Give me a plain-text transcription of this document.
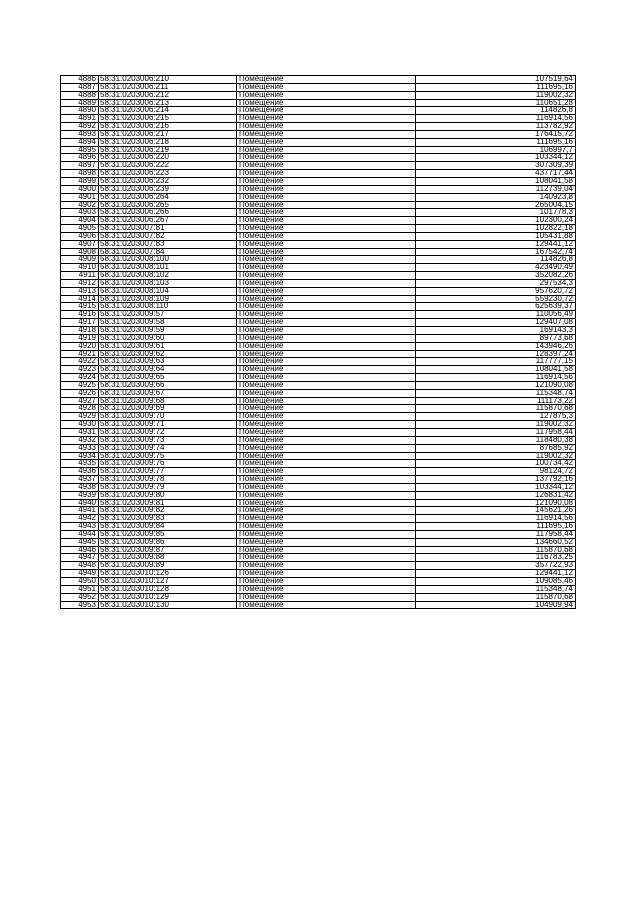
4886	58:31:0203006:210	Помещение	107519,64
4887	58:31:0203006:211	Помещение	111695,16
4888	58:31:0203006:212	Помещение	119002,32
4889	58:31:0203006:213	Помещение	110651,28
4890	58:31:0203006:214	Помещение	114826,8
4891	58:31:0203006:215	Помещение	116914,56
4892	58:31:0203006:216	Помещение	113782,92
4893	58:31:0203006:217	Помещение	176415,72
4894	58:31:0203006:218	Помещение	111695,16
4895	58:31:0203006:219	Помещение	106997,7
4896	58:31:0203006:220	Помещение	103344,12
4897	58:31:0203006:222	Помещение	307309,39
4898	58:31:0203006:223	Помещение	437717,44
4899	58:31:0203006:232	Помещение	108041,58
4900	58:31:0203006:239	Помещение	112739,04
4901	58:31:0203006:264	Помещение	140923,8
4902	58:31:0203006:265	Помещение	265004,15
4903	58:31:0203006:266	Помещение	101778,3
4904	58:31:0203006:267	Помещение	102300,24
4905	58:31:0203007:81	Помещение	102822,18
4906	58:31:0203007:82	Помещение	105431,88
4907	58:31:0203007:83	Помещение	129441,12
4908	58:31:0203007:84	Помещение	167542,74
4909	58:31:0203008:100	Помещение	114826,8
4910	58:31:0203008:101	Помещение	423490,49
4911	58:31:0203008:102	Помещение	352082,26
4912	58:31:0203008:103	Помещение	297534,3
4913	58:31:0203008:104	Помещение	957620,72
4914	58:31:0203008:109	Помещение	559230,72
4915	58:31:0203008:110	Помещение	625639,37
4916	58:31:0203009:57	Помещение	110056,49
4917	58:31:0203009:58	Помещение	129407,08
4918	58:31:0203009:59	Помещение	169143,3
4919	58:31:0203009:60	Помещение	89773,68
4920	58:31:0203009:61	Помещение	143946,26
4921	58:31:0203009:62	Помещение	128397,24
4922	58:31:0203009:63	Помещение	117777,15
4923	58:31:0203009:64	Помещение	108041,58
4924	58:31:0203009:65	Помещение	116914,56
4925	58:31:0203009:66	Помещение	121090,08
4926	58:31:0203009:67	Помещение	115348,74
4927	58:31:0203009:68	Помещение	111173,22
4928	58:31:0203009:69	Помещение	115870,68
4929	58:31:0203009:70	Помещение	127875,3
4930	58:31:0203009:71	Помещение	119002,32
4931	58:31:0203009:72	Помещение	117958,44
4932	58:31:0203009:73	Помещение	118480,38
4933	58:31:0203009:74	Помещение	87685,92
4934	58:31:0203009:75	Помещение	119002,32
4935	58:31:0203009:76	Помещение	100734,42
4936	58:31:0203009:77	Помещение	98124,72
4937	58:31:0203009:78	Помещение	137792,16
4938	58:31:0203009:79	Помещение	103344,12
4939	58:31:0203009:80	Помещение	126831,42
4940	58:31:0203009:81	Помещение	121090,08
4941	58:31:0203009:82	Помещение	145621,26
4942	58:31:0203009:83	Помещение	116914,56
4943	58:31:0203009:84	Помещение	111695,16
4944	58:31:0203009:85	Помещение	117958,44
4945	58:31:0203009:86	Помещение	134660,52
4946	58:31:0203009:87	Помещение	115870,68
4947	58:31:0203009:88	Помещение	116783,25
4948	58:31:0203009:89	Помещение	357722,93
4949	58:31:0203010:126	Помещение	129441,12
4950	58:31:0203010:127	Помещение	109085,46
4951	58:31:0203010:128	Помещение	115348,74
4952	58:31:0203010:129	Помещение	115870,68
4953	58:31:0203010:130	Помещение	104909,94
